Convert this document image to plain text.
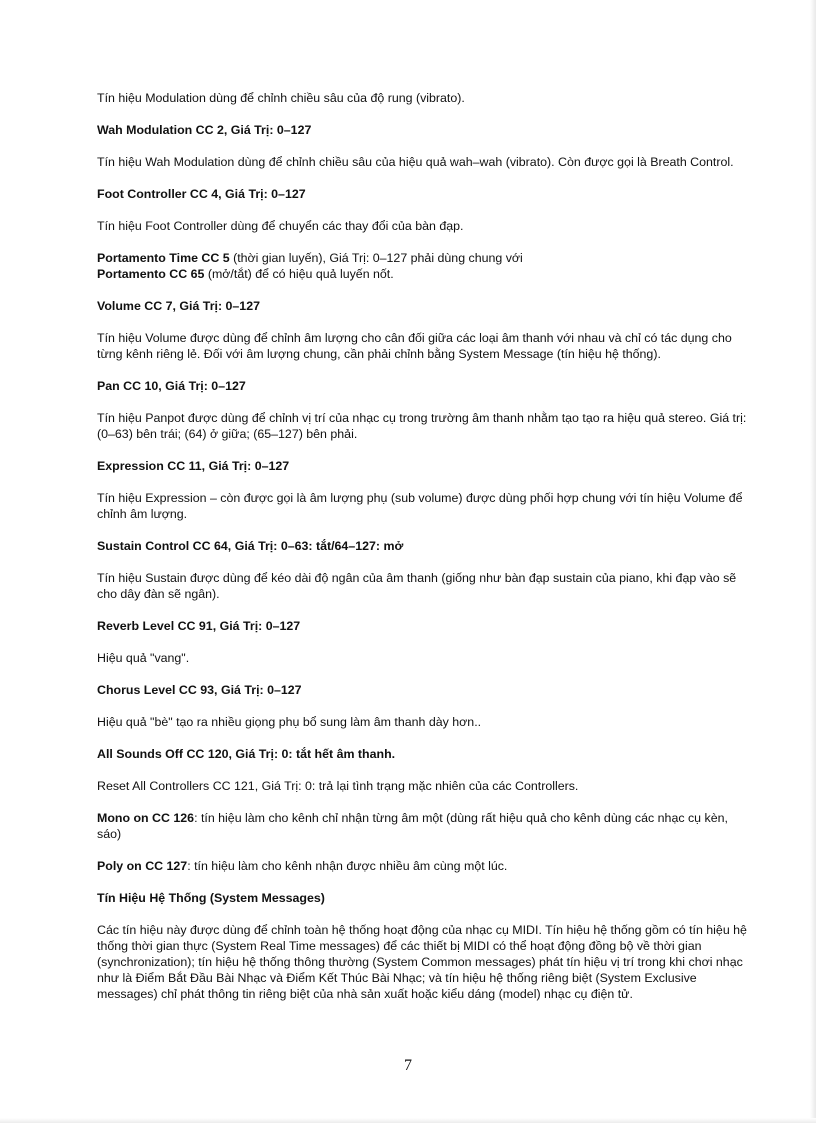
Tín hiệu Modulation dùng để chỉnh chiều sâu của độ rung (vibrato).
Wah Modulation CC 2, Giá Trị: 0–127
Tín hiệu Wah Modulation dùng để chỉnh chiều sâu của hiệu quả wah–wah (vibrato). Còn được gọi là Breath Control.
Foot Controller CC 4, Giá Trị: 0–127
Tín hiệu Foot Controller dùng để chuyển các thay đổi của bàn đạp.
Portamento Time CC 5 (thời gian luyến), Giá Trị: 0–127 phải dùng chung với
Portamento CC 65 (mở/tắt) để có hiệu quả luyến nốt.
Volume CC 7, Giá Trị: 0–127
Tín hiệu Volume được dùng để chỉnh âm lượng cho cân đối giữa các loại âm thanh với nhau và chỉ có tác dụng cho từng kênh riêng lẻ. Đối với âm lượng chung, cần phải chỉnh bằng System Message (tín hiệu hệ thống).
Pan CC 10, Giá Trị: 0–127
Tín hiệu Panpot được dùng để chỉnh vị trí của nhạc cụ trong trường âm thanh nhằm tạo tạo ra hiệu quả stereo. Giá trị: (0–63) bên trái; (64) ở giữa; (65–127) bên phải.
Expression CC 11, Giá Trị: 0–127
Tín hiệu Expression – còn được gọi là âm lượng phụ (sub volume) được dùng phối hợp chung với tín hiệu Volume để chỉnh âm lượng.
Sustain Control CC 64, Giá Trị: 0–63: tắt/64–127: mở
Tín hiệu Sustain được dùng để kéo dài độ ngân của âm thanh (giống như bàn đạp sustain của piano, khi đạp vào sẽ cho dây đàn sẽ ngân).
Reverb Level CC 91, Giá Trị: 0–127
Hiệu quả "vang".
Chorus Level CC 93, Giá Trị: 0–127
Hiệu quả "bè" tạo ra nhiều giọng phụ bổ sung làm âm thanh dày hơn..
All Sounds Off CC 120, Giá Trị: 0: tắt hết âm thanh.
Reset All Controllers CC 121, Giá Trị: 0: trả lại tình trạng mặc nhiên của các Controllers.
Mono on CC 126: tín hiệu làm cho kênh chỉ nhận từng âm một (dùng rất hiệu quả cho kênh dùng các nhạc cụ kèn, sáo)
Poly on CC 127: tín hiệu làm cho kênh nhận được nhiều âm cùng một lúc.
Tín Hiệu Hệ Thống (System Messages)
Các tín hiệu này được dùng để chỉnh toàn hệ thống hoạt động của nhạc cụ MIDI. Tín hiệu hệ thống gồm có tín hiệu hệ thống thời gian thực (System Real Time messages) để các thiết bị MIDI có thể hoạt động đồng bộ về thời gian (synchronization); tín hiệu hệ thống thông thường (System Common messages) phát tín hiệu vị trí trong khi chơi nhạc như là Điểm Bắt Đầu Bài Nhạc và Điểm Kết Thúc Bài Nhạc; và tín hiệu hệ thống riêng biệt (System Exclusive messages) chỉ phát thông tin riêng biệt của nhà sản xuất hoặc kiểu dáng (model) nhạc cụ điện tử.
7
